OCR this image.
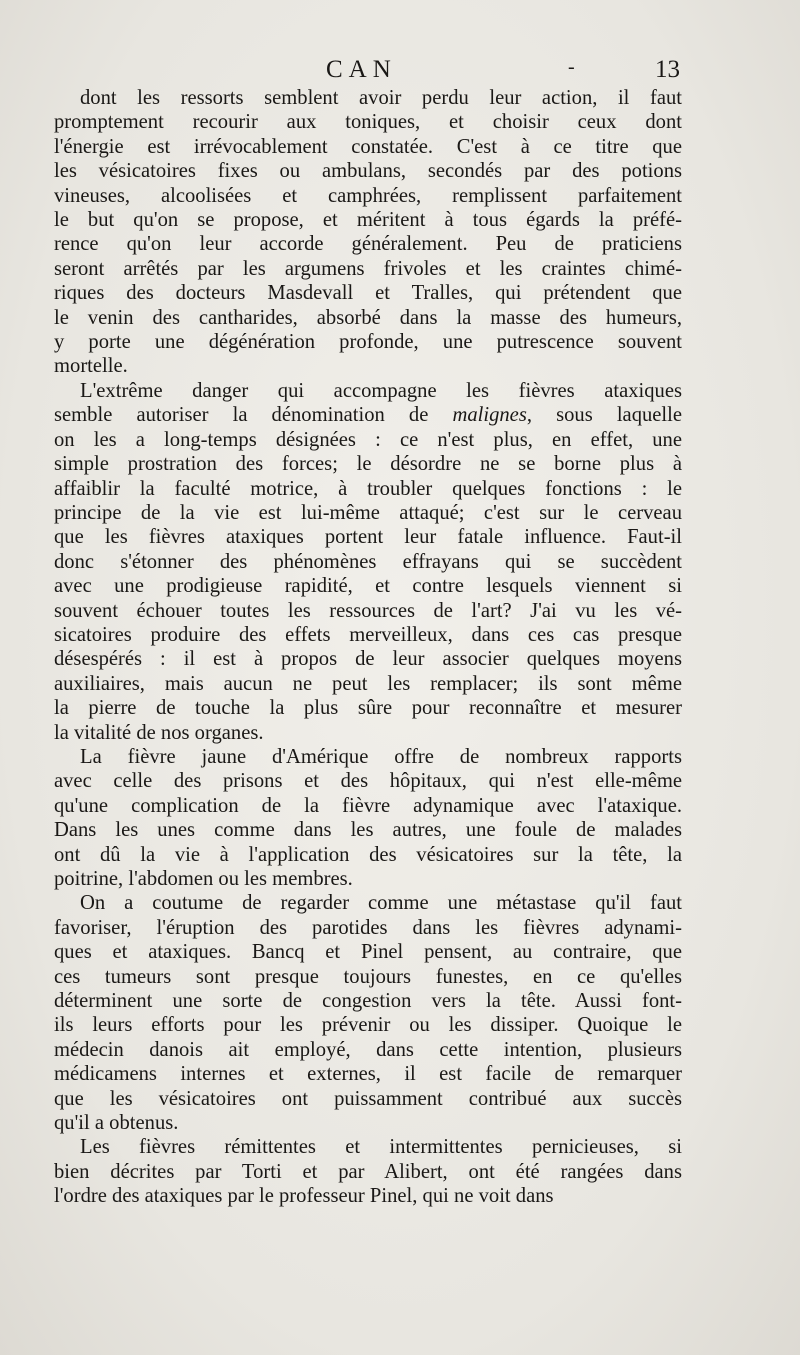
CAN	-	13

dont les ressorts semblent avoir perdu leur action, il faut
promptement recourir aux toniques, et choisir ceux dont
l'énergie est irrévocablement constatée. C'est à ce titre que
les vésicatoires fixes ou ambulans, secondés par des potions
vineuses, alcoolisées et camphrées, remplissent parfaitement
le but qu'on se propose, et méritent à tous égards la préfé-
rence qu'on leur accorde généralement. Peu de praticiens
seront arrêtés par les argumens frivoles et les craintes chimé-
riques des docteurs Masdevall et Tralles, qui prétendent que
le venin des cantharides, absorbé dans la masse des humeurs,
y porte une dégénération profonde, une putrescence souvent
mortelle.

L'extrême danger qui accompagne les fièvres ataxiques
semble autoriser la dénomination de malignes, sous laquelle
on les a long-temps désignées : ce n'est plus, en effet, une
simple prostration des forces; le désordre ne se borne plus à
affaiblir la faculté motrice, à troubler quelques fonctions : le
principe de la vie est lui-même attaqué; c'est sur le cerveau
que les fièvres ataxiques portent leur fatale influence. Faut-il
donc s'étonner des phénomènes effrayans qui se succèdent
avec une prodigieuse rapidité, et contre lesquels viennent si
souvent échouer toutes les ressources de l'art? J'ai vu les vé-
sicatoires produire des effets merveilleux, dans ces cas presque
désespérés : il est à propos de leur associer quelques moyens
auxiliaires, mais aucun ne peut les remplacer; ils sont même
la pierre de touche la plus sûre pour reconnaître et mesurer
la vitalité de nos organes.

La fièvre jaune d'Amérique offre de nombreux rapports
avec celle des prisons et des hôpitaux, qui n'est elle-même
qu'une complication de la fièvre adynamique avec l'ataxique.
Dans les unes comme dans les autres, une foule de malades
ont dû la vie à l'application des vésicatoires sur la tête, la
poitrine, l'abdomen ou les membres.

On a coutume de regarder comme une métastase qu'il faut
favoriser, l'éruption des parotides dans les fièvres adynami-
ques et ataxiques. Bancq et Pinel pensent, au contraire, que
ces tumeurs sont presque toujours funestes, en ce qu'elles
déterminent une sorte de congestion vers la tête. Aussi font-
ils leurs efforts pour les prévenir ou les dissiper. Quoique le
médecin danois ait employé, dans cette intention, plusieurs
médicamens internes et externes, il est facile de remarquer
que les vésicatoires ont puissamment contribué aux succès
qu'il a obtenus.

Les fièvres rémittentes et intermittentes pernicieuses, si
bien décrites par Torti et par Alibert, ont été rangées dans
l'ordre des ataxiques par le professeur Pinel, qui ne voit dans
